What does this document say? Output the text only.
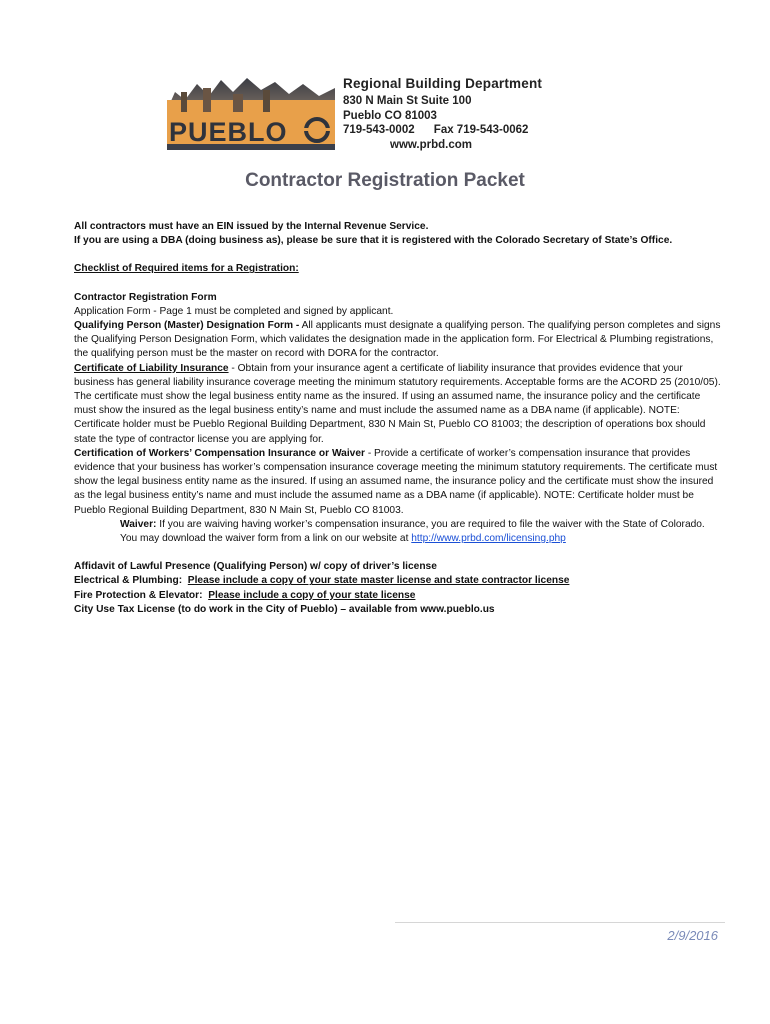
PUEBLO
Regional Building Department
830 N Main St Suite 100
Pueblo CO 81003
719-543-0002 Fax 719-543-0062
www.prbd.com
Contractor Registration Packet

All contractors must have an EIN issued by the Internal Revenue Service.

If you are using a DBA (doing business as), please be sure that it is registered with the Colorado Secretary of State’s Office.

Checklist of Required items for a Registration:

Contractor Registration Form

Application Form - Page 1 must be completed and signed by applicant.

Qualifying Person (Master) Designation Form - All applicants must designate a qualifying person. The qualifying person completes and signs the Qualifying Person Designation Form, which validates the designation made in the application form. For Electrical & Plumbing registrations, the qualifying person must be the master on record with DORA for the contractor.

Certificate of Liability Insurance - Obtain from your insurance agent a certificate of liability insurance that provides evidence that your business has general liability insurance coverage meeting the minimum statutory requirements. Acceptable forms are the ACORD 25 (2010/05). The certificate must show the legal business entity name as the insured. If using an assumed name, the insurance policy and the certificate must show the insured as the legal business entity’s name and must include the assumed name as a DBA name (if applicable). NOTE: Certificate holder must be Pueblo Regional Building Department, 830 N Main St, Pueblo CO 81003; the description of operations box should state the type of contractor license you are applying for.

Certification of Workers’ Compensation Insurance or Waiver - Provide a certificate of worker’s compensation insurance that provides evidence that your business has worker’s compensation insurance coverage meeting the minimum statutory requirements. The certificate must show the legal business entity name as the insured. If using an assumed name, the insurance policy and the certificate must show the insured as the legal business entity’s name and must include the assumed name as a DBA name (if applicable). NOTE: Certificate holder must be Pueblo Regional Building Department, 830 N Main St, Pueblo CO 81003.

Waiver: If you are waiving having worker’s compensation insurance, you are required to file the waiver with the State of Colorado. You may download the waiver form from a link on our website at http://www.prbd.com/licensing.php

Affidavit of Lawful Presence (Qualifying Person) w/ copy of driver’s license

Electrical & Plumbing: Please include a copy of your state master license and state contractor license

Fire Protection & Elevator: Please include a copy of your state license

City Use Tax License (to do work in the City of Pueblo) – available from www.pueblo.us

2/9/2016
